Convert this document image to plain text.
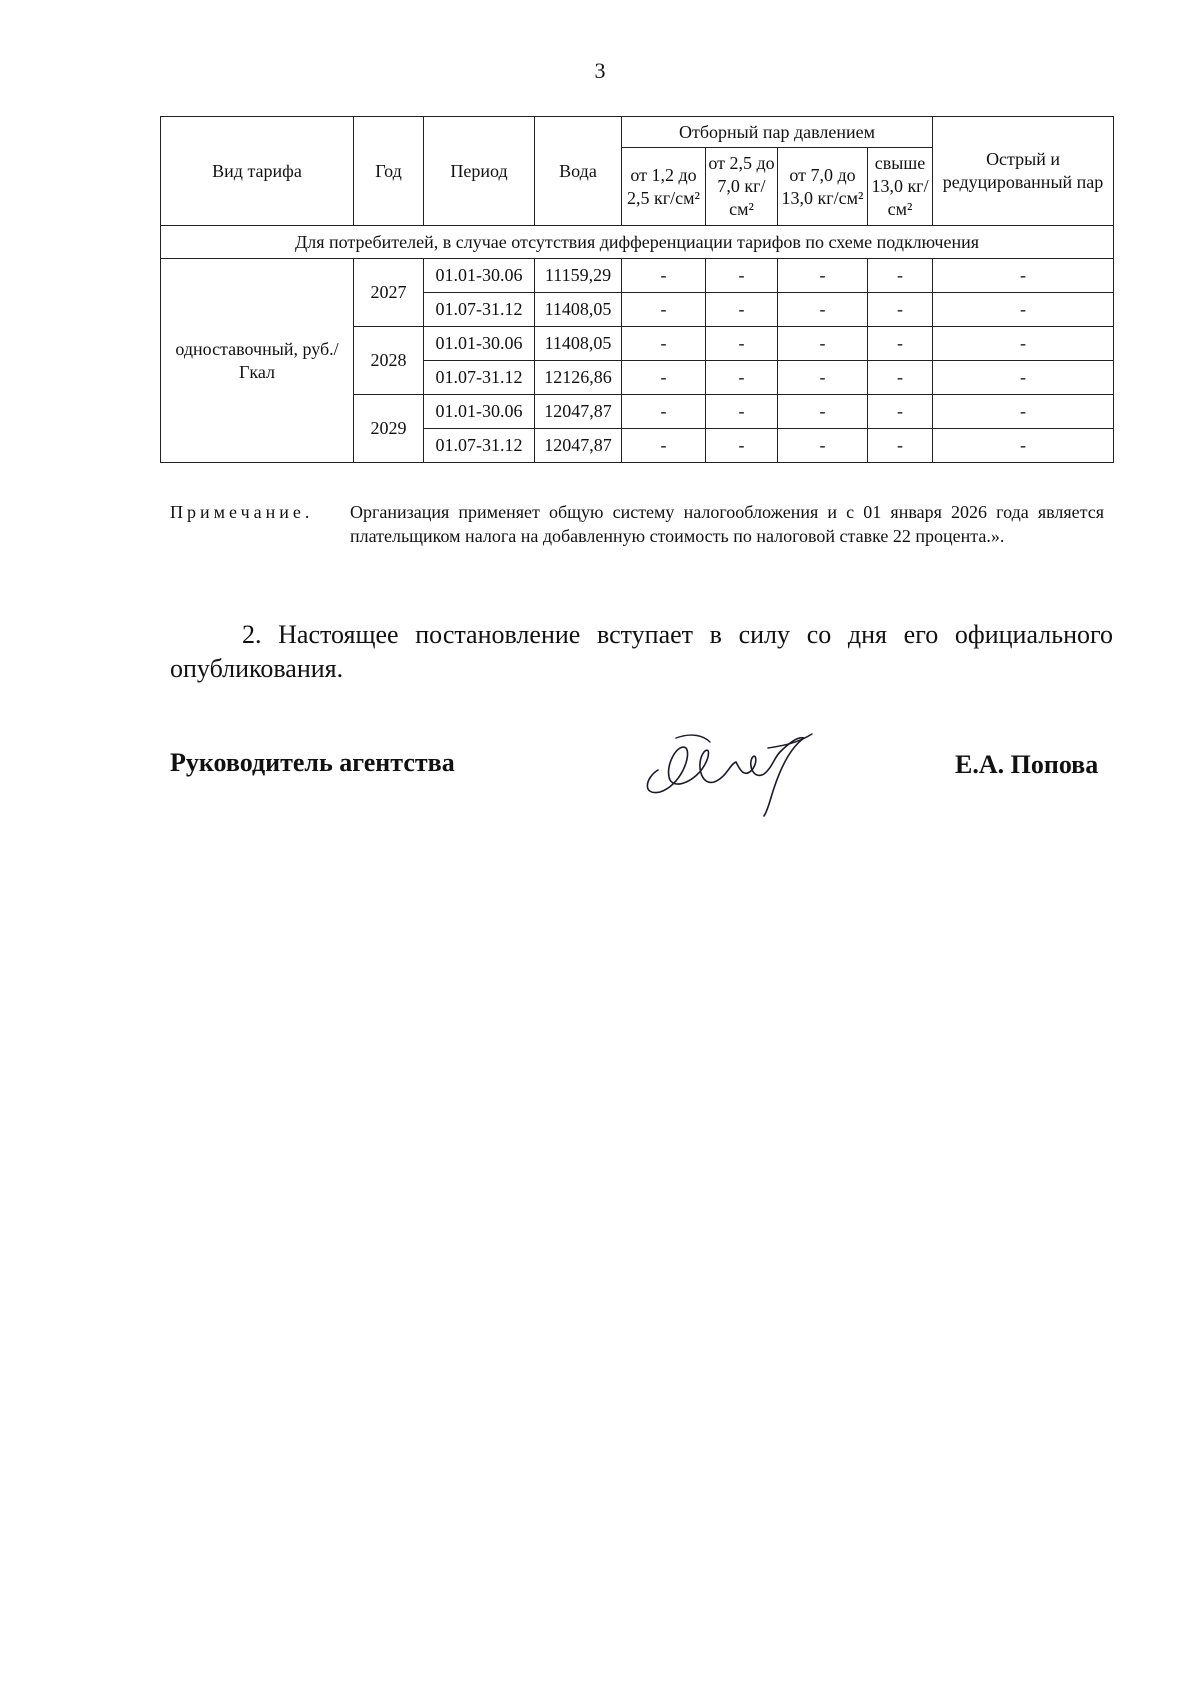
3
Вид тарифа	Год	Период	Вода	Отборный пар давлением				Острый и редуцированный пар
				от 1,2 до 2,5 кг/см²	от 2,5 до 7,0 кг/см²	от 7,0 до 13,0 кг/см²	свыше 13,0 кг/см²	
Для потребителей, в случае отсутствия дифференциации тарифов по схеме подключения								
одноставочный, руб./Гкал	2027	01.01-30.06	11159,29	-	-	-	-	-
		01.07-31.12	11408,05	-	-	-	-	-
	2028	01.01-30.06	11408,05	-	-	-	-	-
		01.07-31.12	12126,86	-	-	-	-	-
	2029	01.01-30.06	12047,87	-	-	-	-	-
		01.07-31.12	12047,87	-	-	-	-	-
Примечание. Организация применяет общую систему налогообложения и с 01 января 2026 года является плательщиком налога на добавленную стоимость по налоговой ставке 22 процента.».
2. Настоящее постановление вступает в силу со дня его официального опубликования.
Руководитель агентства	Е.А. Попова
